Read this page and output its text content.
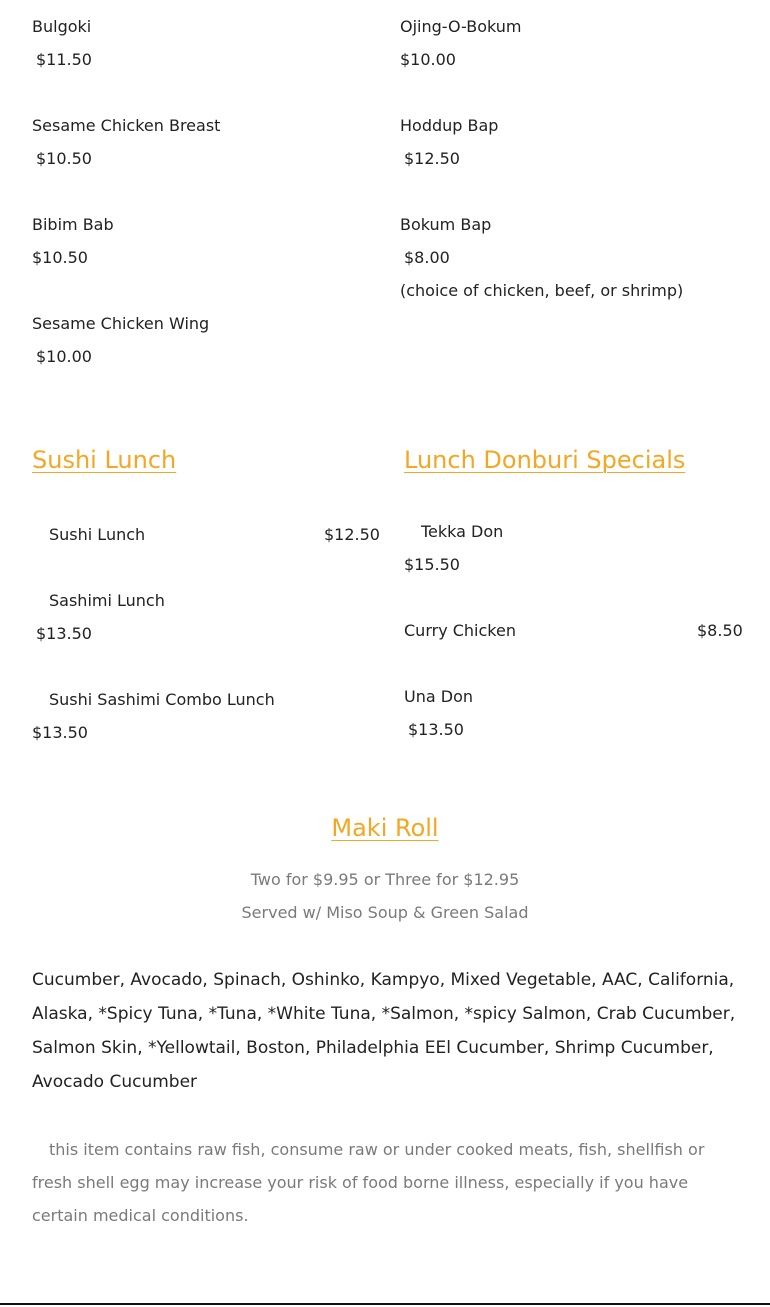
Bulgoki
$11.50
Sesame Chicken Breast
$10.50
Bibim Bab
$10.50
Sesame Chicken Wing
$10.00
Ojing-O-Bokum
$10.00
Hoddup Bap
$12.50
Bokum Bap
$8.00
(choice of chicken, beef, or shrimp)
Sushi Lunch
Sushi Lunch	$12.50
Sashimi Lunch
$13.50
Sushi Sashimi Combo Lunch
$13.50
Lunch Donburi Specials
Tekka Don
$15.50
Curry Chicken	$8.50
Una Don
$13.50
Maki Roll
Two for $9.95 or Three for $12.95
Served w/ Miso Soup & Green Salad
Cucumber, Avocado, Spinach, Oshinko, Kampyo, Mixed Vegetable, AAC, California, Alaska, *Spicy Tuna, *Tuna, *White Tuna, *Salmon, *spicy Salmon, Crab Cucumber, Salmon Skin, *Yellowtail, Boston, Philadelphia EEl Cucumber, Shrimp Cucumber, Avocado Cucumber
this item contains raw fish, consume raw or under cooked meats, fish, shellfish or fresh shell egg may increase your risk of food borne illness, especially if you have certain medical conditions.
